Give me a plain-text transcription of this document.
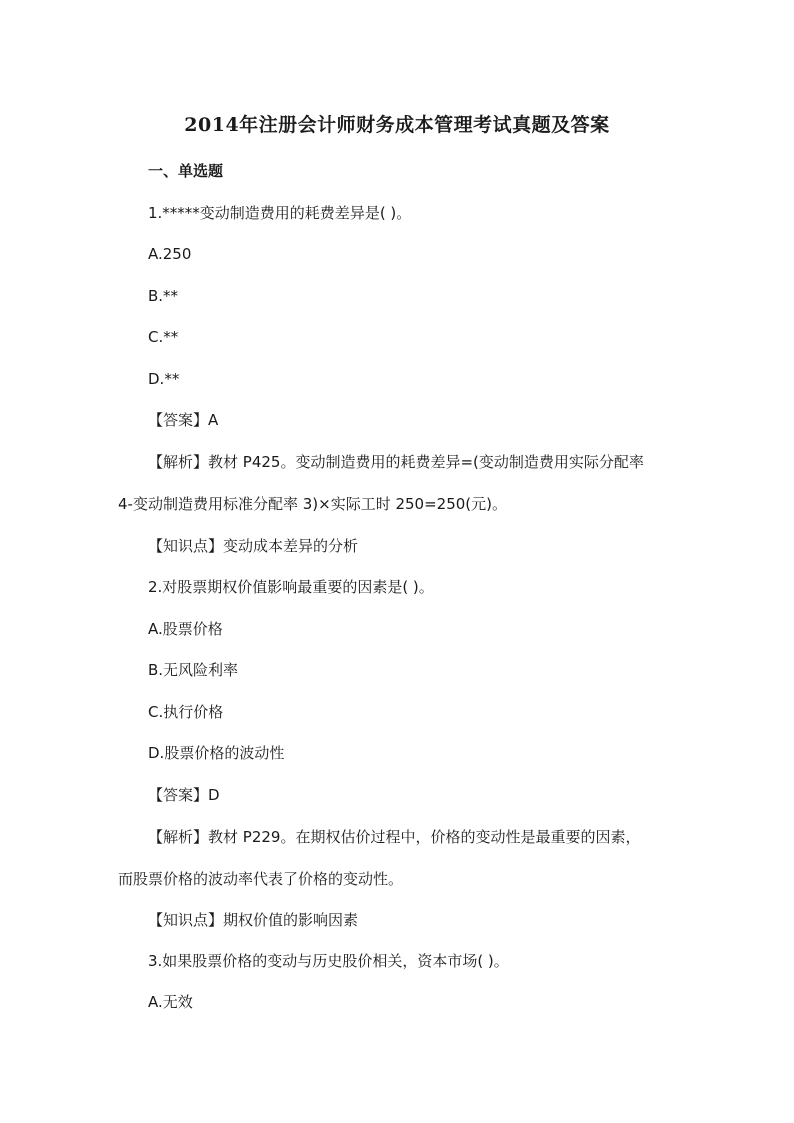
2014年注册会计师财务成本管理考试真题及答案

一、单选题

1.*****变动制造费用的耗费差异是( )。

A.250

B.**

C.**

D.**

【答案】A

【解析】教材 P425。变动制造费用的耗费差异=(变动制造费用实际分配率

4-变动制造费用标准分配率 3)×实际工时 250=250(元)。

【知识点】变动成本差异的分析

2.对股票期权价值影响最重要的因素是( )。

A.股票价格

B.无风险利率

C.执行价格

D.股票价格的波动性

【答案】D

【解析】教材 P229。在期权估价过程中，价格的变动性是最重要的因素，

而股票价格的波动率代表了价格的变动性。

【知识点】期权价值的影响因素

3.如果股票价格的变动与历史股价相关，资本市场( )。

A.无效
